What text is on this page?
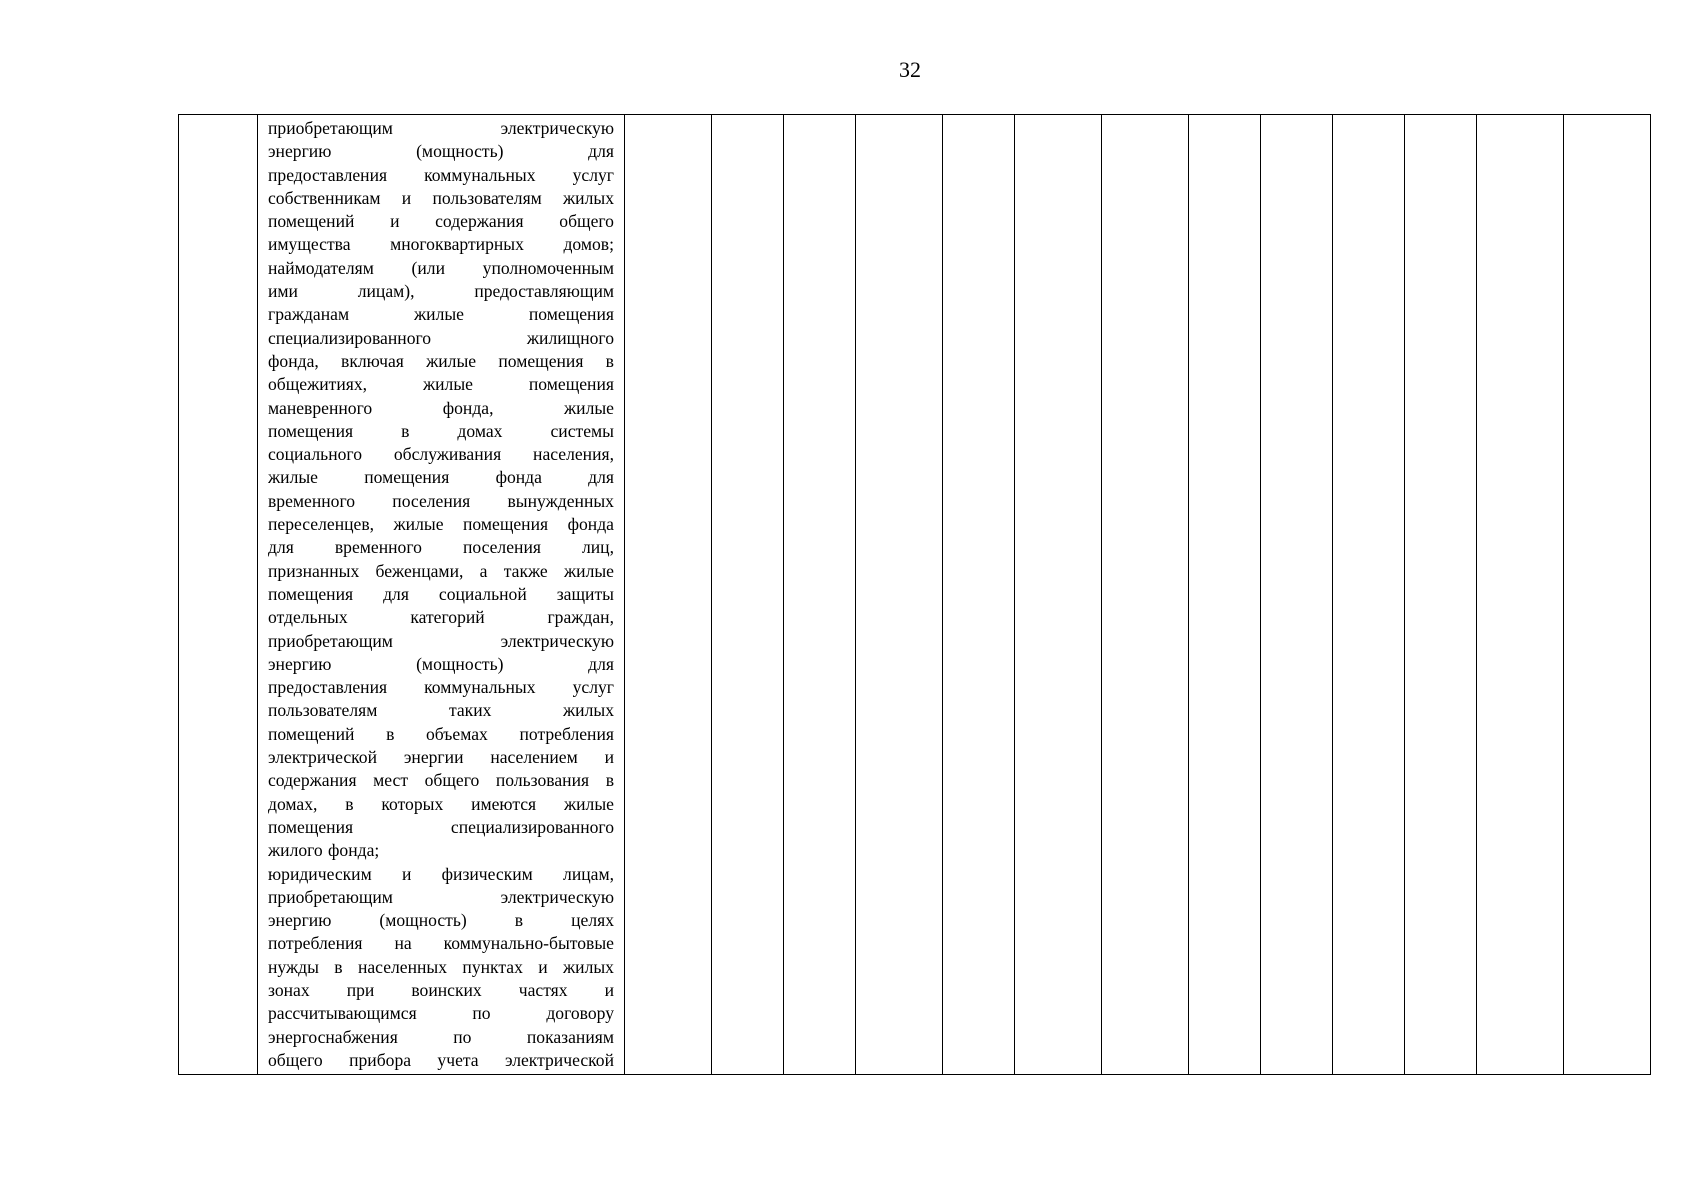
32

приобретающим	электрическую
энергию	(мощность)	для
предоставления коммунальных услуг
собственникам и пользователям жилых
помещений и содержания общего
имущества многоквартирных домов;
наймодателям (или уполномоченным
ими	лицам),	предоставляющим
гражданам	жилые	помещения
специализированного	жилищного
фонда, включая жилые помещения в
общежитиях,	жилые	помещения
маневренного	фонда,	жилые
помещения	в	домах	системы
социального обслуживания населения,
жилые	помещения	фонда	для
временного поселения вынужденных
переселенцев, жилые помещения фонда
для временного поселения лиц,
признанных беженцами, а также жилые
помещения для социальной защиты
отдельных	категорий	граждан,
приобретающим	электрическую
энергию	(мощность)	для
предоставления коммунальных услуг
пользователям	таких	жилых
помещений в объемах потребления
электрической энергии населением и
содержания мест общего пользования в
домах, в которых имеются жилые
помещения	специализированного
жилого фонда;
юридическим и физическим лицам,
приобретающим	электрическую
энергию	(мощность)	в	целях
потребления на коммунально-бытовые
нужды в населенных пунктах и жилых
зонах при воинских частях и
рассчитывающимся	по	договору
энергоснабжения	по	показаниям
общего прибора учета электрической
